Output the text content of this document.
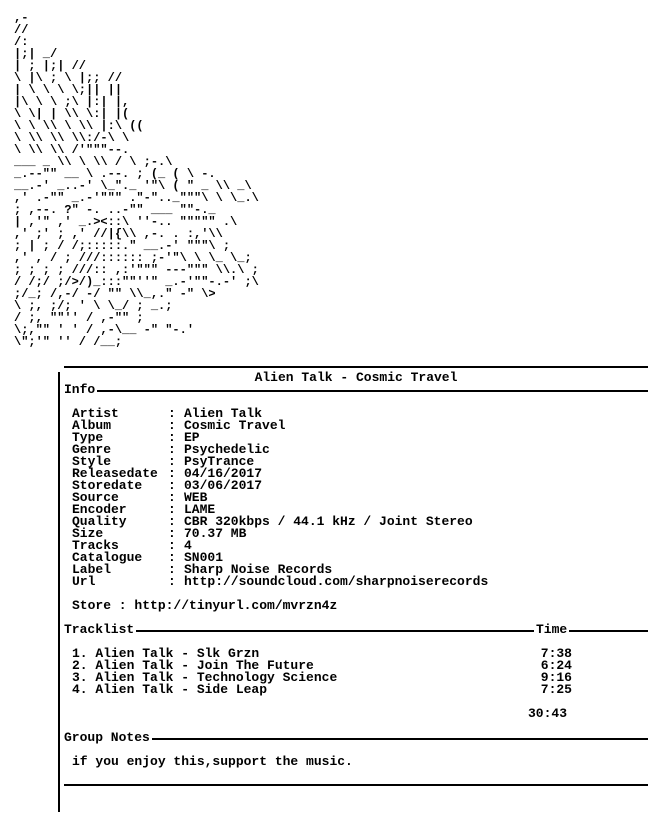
,-
//
/:
|;| _/
| ; |;| //
\ |\ ; \ |;; //
| \ \ \ \;|| ||
|\ \ \ ;\ |:| |,
\ \| | \\ \:| |(
\ \ \\ \ \\ |:\ ((
\ \\ \\ \\:/-\ \
\ \\ \\ /'"""--.
___ _ \\ \ \\ / \ ;-.\
_.--"" __ \ .--. ; (_ ( \ -.
__.-' _..-' \_"._ '"\ ( " _ \\ _\
,' .-"" _.-'""" ."-".._"""\ \ \_.\
; ,--. ?" -. ..-"" ___ ""-._
| ,'" ,' _.><::\ ''-.. """"" .\
,' ;' ; ,' //|{\\ ,-. . :,'\\
; | ; / /;:::::." __.-' """\ ;
,' , / ; ///:::::: ;-'"\ \ \_ \_;
; ; ; ; ///:: ,:'""" ---""" \\.\ ;
/ /;/ ;/>/)_:::""''" _.-'""-.-' ;\
;/_; /,-/ -/ "" \\_,." -" \>
\ ;, ;/; ' \ \_/ ; _.;
/ ;, ""'' / ,-"" ;
\;,"" ' ' / ,-\__ -" "-.'
\";'" '' / /__;
Alien Talk - Cosmic Travel

Info

Artist	: Alien Talk
Album	: Cosmic Travel
Type	: EP
Genre	: Psychedelic
Style	: PsyTrance
Releasedate : 04/16/2017
Storedate	: 03/06/2017
Source	: WEB
Encoder	: LAME
Quality	: CBR 320kbps / 44.1 kHz / Joint Stereo
Size	: 70.37 MB
Tracks	: 4
Catalogue	: SN001
Label	: Sharp Noise Records
Url	: http://soundcloud.com/sharpnoiserecords
Store : http://tinyurl.com/mvrzn4z

Tracklist

	Time

1. Alien Talk - Slk Grzn	7:38
2. Alien Talk - Join The Future	6:24
3. Alien Talk - Technology Science	9:16
4. Alien Talk - Side Leap	7:25
30:43

Group Notes

if you enjoy this,support the music.
